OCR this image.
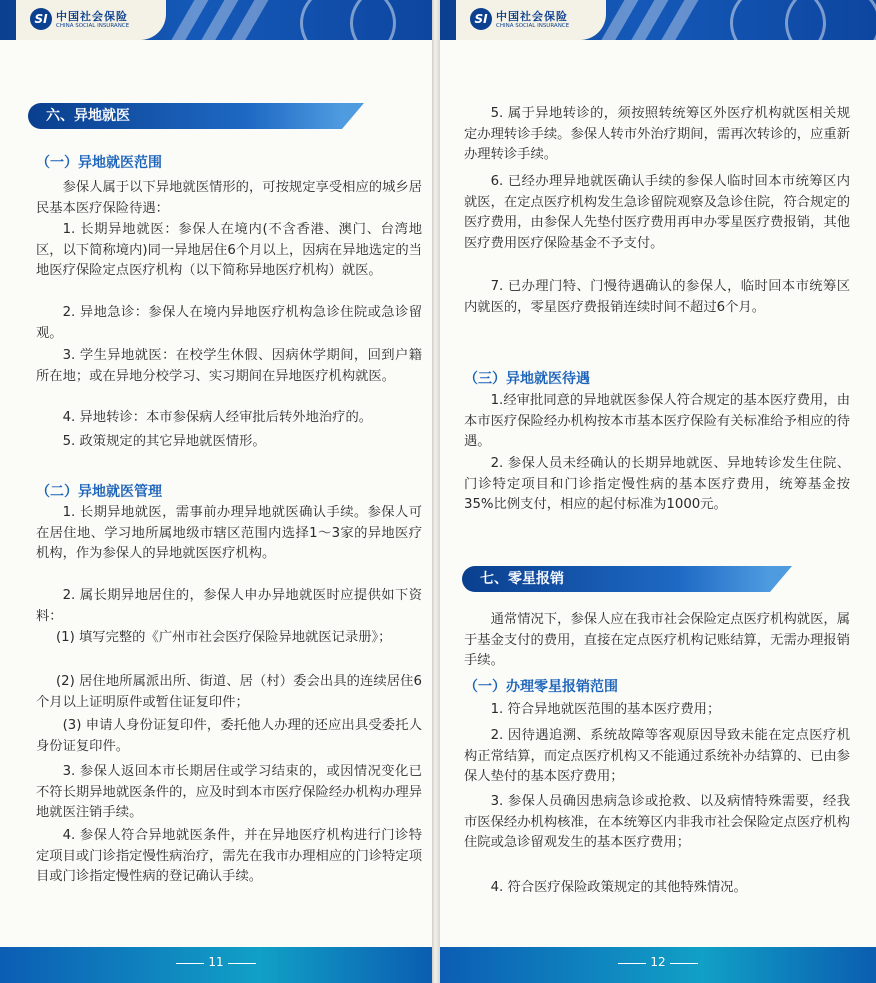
SI 中国社会保险
CHINA SOCIAL INSURANCE
六、异地就医
（一）异地就医范围
参保人属于以下异地就医情形的，可按规定享受相应的城乡居民基本医疗保险待遇：
1. 长期异地就医：参保人在境内(不含香港、澳门、台湾地区，以下简称境内)同一异地居住6个月以上，因病在异地选定的当地医疗保险定点医疗机构（以下简称异地医疗机构）就医。
2. 异地急诊：参保人在境内异地医疗机构急诊住院或急诊留观。
3. 学生异地就医：在校学生休假、因病休学期间，回到户籍所在地；或在异地分校学习、实习期间在异地医疗机构就医。
4. 异地转诊：本市参保病人经审批后转外地治疗的。
5. 政策规定的其它异地就医情形。
（二）异地就医管理
1. 长期异地就医，需事前办理异地就医确认手续。参保人可在居住地、学习地所属地级市辖区范围内选择1～3家的异地医疗机构，作为参保人的异地就医医疗机构。
2. 属长期异地居住的，参保人申办异地就医时应提供如下资料：
(1) 填写完整的《广州市社会医疗保险异地就医记录册》；
(2) 居住地所属派出所、街道、居（村）委会出具的连续居住6个月以上证明原件或暂住证复印件；
(3) 申请人身份证复印件，委托他人办理的还应出具受委托人身份证复印件。
3. 参保人返回本市长期居住或学习结束的，或因情况变化已不符长期异地就医条件的，应及时到本市医疗保险经办机构办理异地就医注销手续。
4. 参保人符合异地就医条件，并在异地医疗机构进行门诊特定项目或门诊指定慢性病治疗，需先在我市办理相应的门诊特定项目或门诊指定慢性病的登记确认手续。
11
SI 中国社会保险
CHINA SOCIAL INSURANCE
12
5. 属于异地转诊的，须按照转统筹区外医疗机构就医相关规定办理转诊手续。参保人转市外治疗期间，需再次转诊的，应重新办理转诊手续。
6. 已经办理异地就医确认手续的参保人临时回本市统筹区内就医，在定点医疗机构发生急诊留院观察及急诊住院，符合规定的医疗费用，由参保人先垫付医疗费用再申办零星医疗费报销，其他医疗费用医疗保险基金不予支付。
7. 已办理门特、门慢待遇确认的参保人，临时回本市统筹区内就医的，零星医疗费报销连续时间不超过6个月。
（三）异地就医待遇
1.经审批同意的异地就医参保人符合规定的基本医疗费用，由本市医疗保险经办机构按本市基本医疗保险有关标准给予相应的待遇。
2. 参保人员未经确认的长期异地就医、异地转诊发生住院、门诊特定项目和门诊指定慢性病的基本医疗费用，统筹基金按35%比例支付，相应的起付标准为1000元。
七、零星报销
通常情况下，参保人应在我市社会保险定点医疗机构就医，属于基金支付的费用，直接在定点医疗机构记账结算，无需办理报销手续。
（一）办理零星报销范围
1. 符合异地就医范围的基本医疗费用；
2. 因待遇追溯、系统故障等客观原因导致未能在定点医疗机构正常结算，而定点医疗机构又不能通过系统补办结算的、已由参保人垫付的基本医疗费用；
3. 参保人员确因患病急诊或抢救、以及病情特殊需要，经我市医保经办机构核准，在本统筹区内非我市社会保险定点医疗机构住院或急诊留观发生的基本医疗费用；
4. 符合医疗保险政策规定的其他特殊情况。
